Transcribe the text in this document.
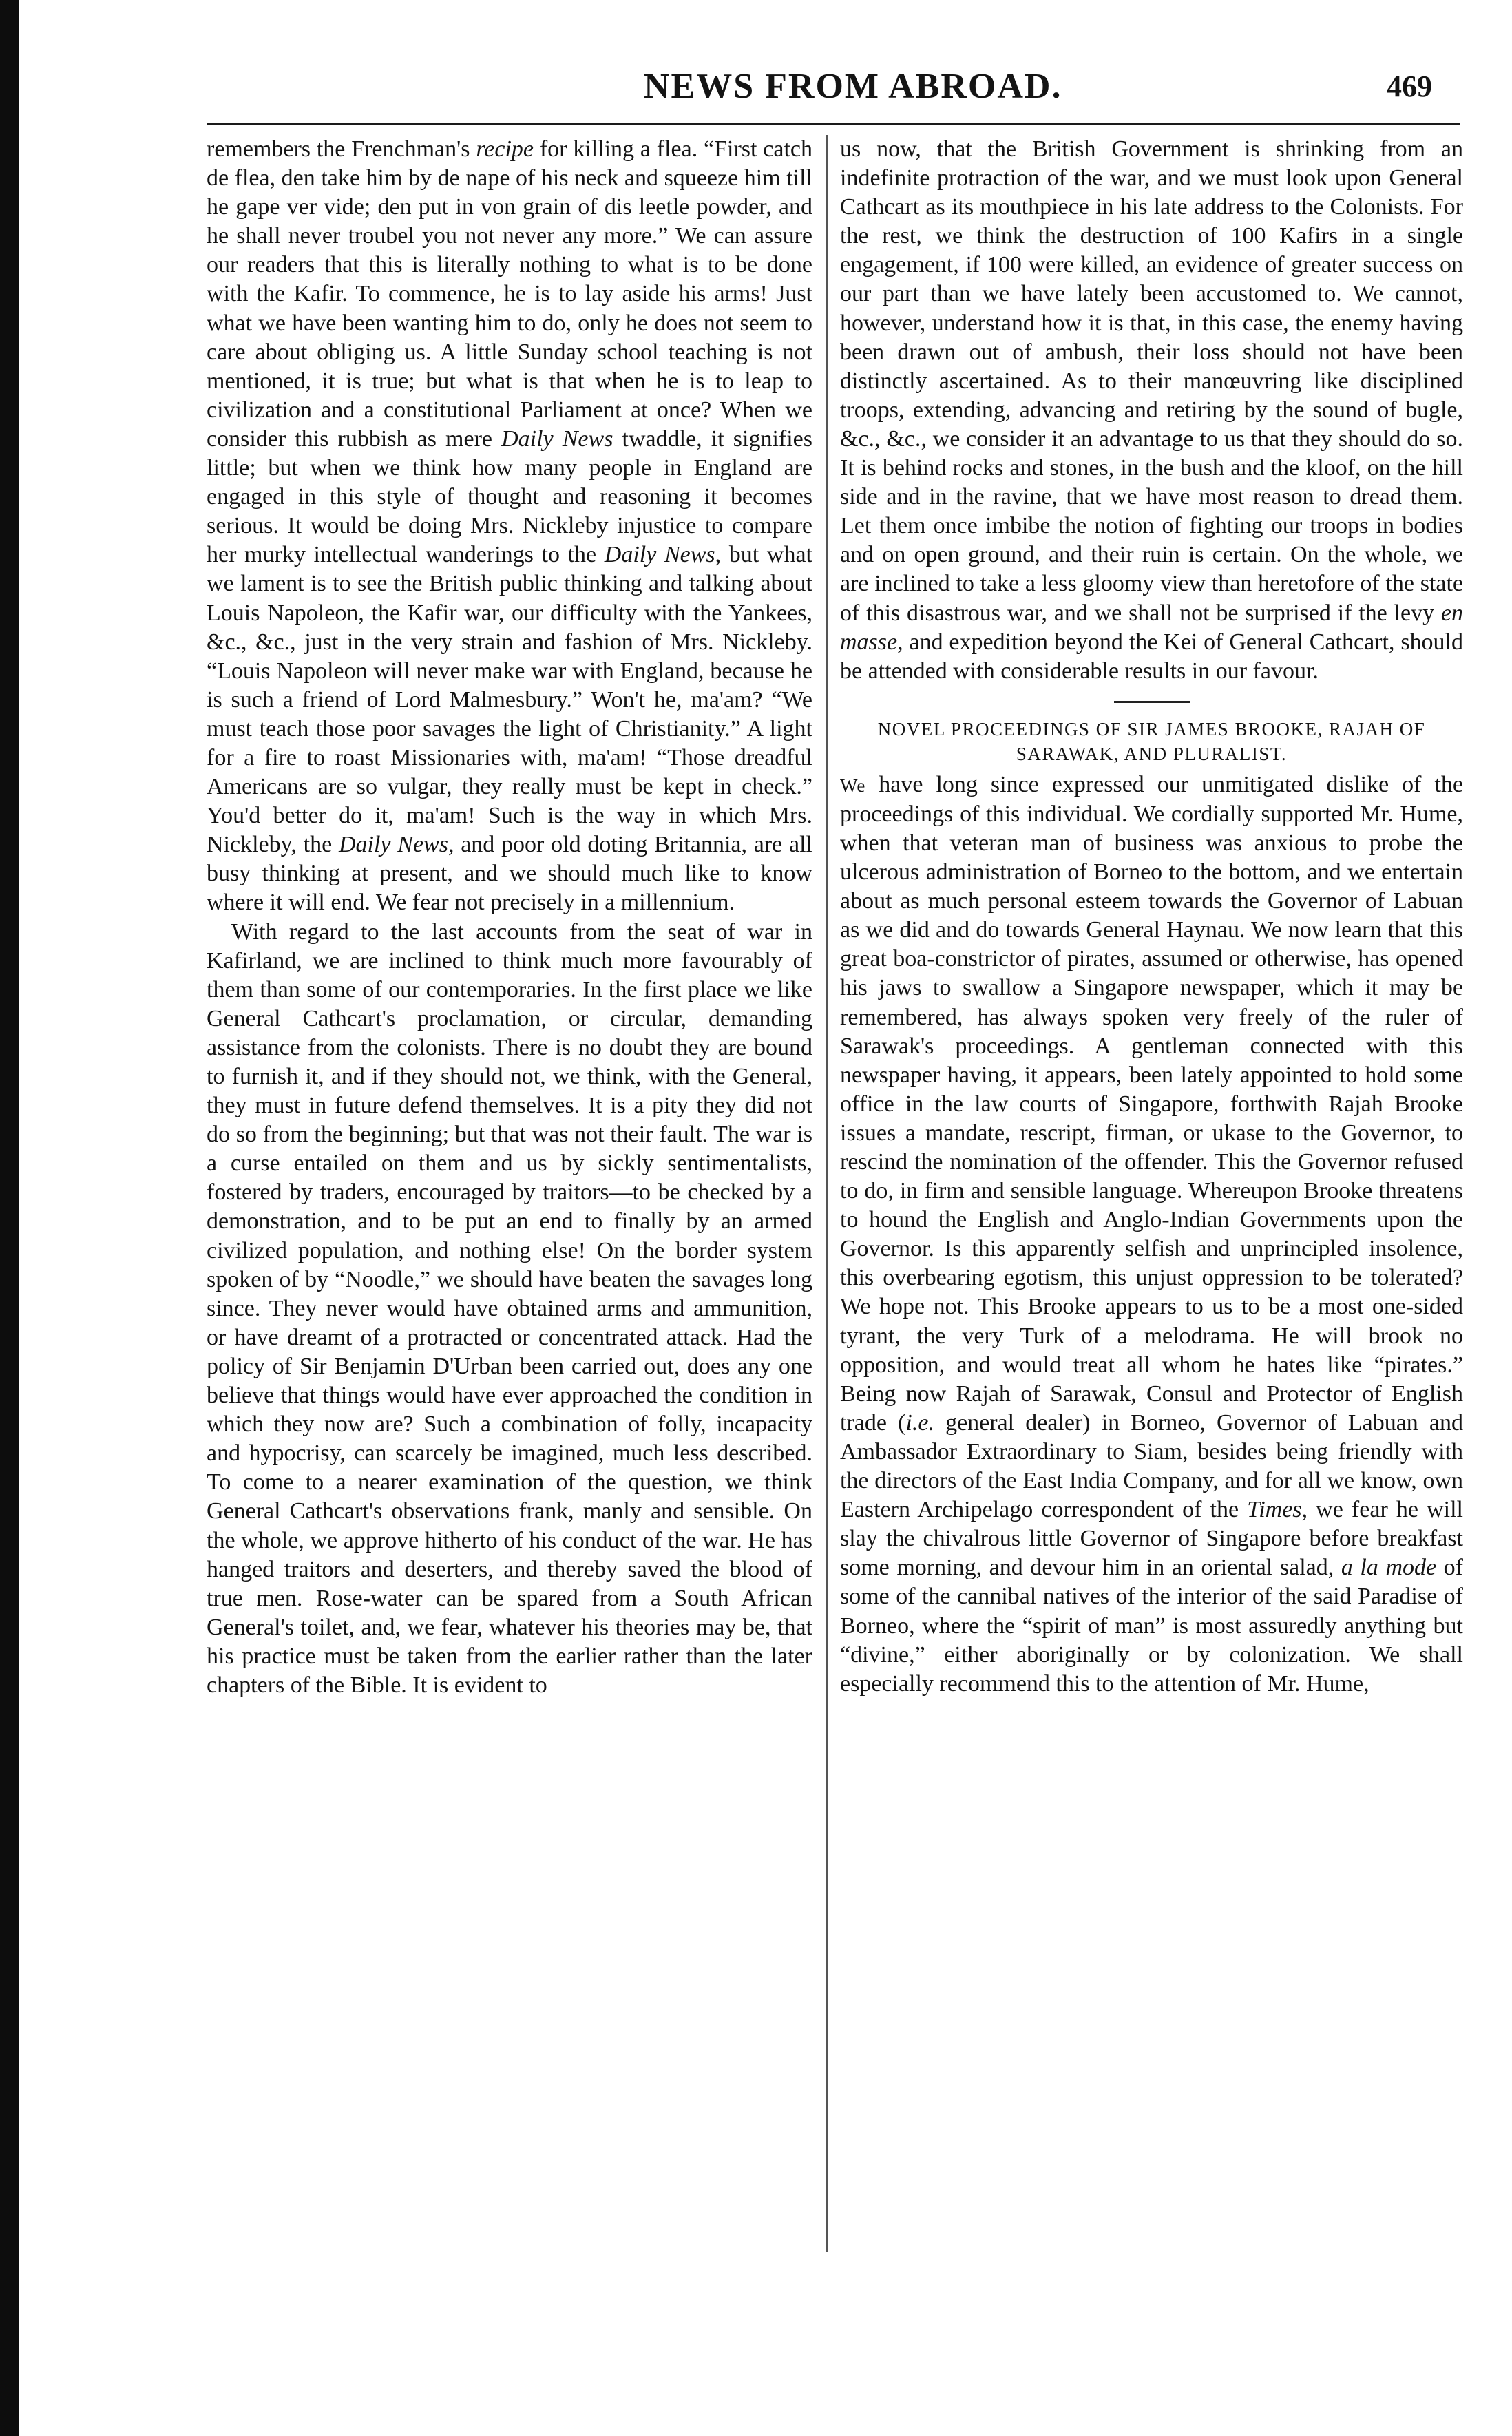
NEWS FROM ABROAD.	469

remembers the Frenchman's recipe for killing a flea. “First catch de flea, den take him by de nape of his neck and squeeze him till he gape ver vide; den put in von grain of dis leetle powder, and he shall never troubel you not never any more.” We can assure our readers that this is literally nothing to what is to be done with the Kafir. To commence, he is to lay aside his arms! Just what we have been wanting him to do, only he does not seem to care about obliging us. A little Sunday school teaching is not mentioned, it is true; but what is that when he is to leap to civilization and a constitutional Parliament at once? When we consider this rubbish as mere Daily News twaddle, it signifies little; but when we think how many people in England are engaged in this style of thought and reasoning it becomes serious. It would be doing Mrs. Nickleby injustice to compare her murky intellectual wanderings to the Daily News, but what we lament is to see the British public thinking and talking about Louis Napoleon, the Kafir war, our difficulty with the Yankees, &c., &c., just in the very strain and fashion of Mrs. Nickleby. “Louis Napoleon will never make war with England, because he is such a friend of Lord Malmesbury.” Won't he, ma'am? “We must teach those poor savages the light of Christianity.” A light for a fire to roast Missionaries with, ma'am! “Those dreadful Americans are so vulgar, they really must be kept in check.” You'd better do it, ma'am! Such is the way in which Mrs. Nickleby, the Daily News, and poor old doting Britannia, are all busy thinking at present, and we should much like to know where it will end. We fear not precisely in a millennium.

With regard to the last accounts from the seat of war in Kafirland, we are inclined to think much more favourably of them than some of our contemporaries. In the first place we like General Cathcart's proclamation, or circular, demanding assistance from the colonists. There is no doubt they are bound to furnish it, and if they should not, we think, with the General, they must in future defend themselves. It is a pity they did not do so from the beginning; but that was not their fault. The war is a curse entailed on them and us by sickly sentimentalists, fostered by traders, encouraged by traitors—to be checked by a demonstration, and to be put an end to finally by an armed civilized population, and nothing else! On the border system spoken of by “Noodle,” we should have beaten the savages long since. They never would have obtained arms and ammunition, or have dreamt of a protracted or concentrated attack. Had the policy of Sir Benjamin D'Urban been carried out, does any one believe that things would have ever approached the condition in which they now are? Such a combination of folly, incapacity and hypocrisy, can scarcely be imagined, much less described. To come to a nearer examination of the question, we think General Cathcart's observations frank, manly and sensible. On the whole, we approve hitherto of his conduct of the war. He has hanged traitors and deserters, and thereby saved the blood of true men. Rose-water can be spared from a South African General's toilet, and, we fear, whatever his theories may be, that his practice must be taken from the earlier rather than the later chapters of the Bible. It is evident to

us now, that the British Government is shrinking from an indefinite protraction of the war, and we must look upon General Cathcart as its mouthpiece in his late address to the Colonists. For the rest, we think the destruction of 100 Kafirs in a single engagement, if 100 were killed, an evidence of greater success on our part than we have lately been accustomed to. We cannot, however, understand how it is that, in this case, the enemy having been drawn out of ambush, their loss should not have been distinctly ascertained. As to their manœuvring like disciplined troops, extending, advancing and retiring by the sound of bugle, &c., &c., we consider it an advantage to us that they should do so. It is behind rocks and stones, in the bush and the kloof, on the hill side and in the ravine, that we have most reason to dread them. Let them once imbibe the notion of fighting our troops in bodies and on open ground, and their ruin is certain. On the whole, we are inclined to take a less gloomy view than heretofore of the state of this disastrous war, and we shall not be surprised if the levy en masse, and expedition beyond the Kei of General Cathcart, should be attended with considerable results in our favour.

NOVEL PROCEEDINGS OF SIR JAMES BROOKE, RAJAH OF SARAWAK, AND PLURALIST.

We have long since expressed our unmitigated dislike of the proceedings of this individual. We cordially supported Mr. Hume, when that veteran man of business was anxious to probe the ulcerous administration of Borneo to the bottom, and we entertain about as much personal esteem towards the Governor of Labuan as we did and do towards General Haynau. We now learn that this great boa-constrictor of pirates, assumed or otherwise, has opened his jaws to swallow a Singapore newspaper, which it may be remembered, has always spoken very freely of the ruler of Sarawak's proceedings. A gentleman connected with this newspaper having, it appears, been lately appointed to hold some office in the law courts of Singapore, forthwith Rajah Brooke issues a mandate, rescript, firman, or ukase to the Governor, to rescind the nomination of the offender. This the Governor refused to do, in firm and sensible language. Whereupon Brooke threatens to hound the English and Anglo-Indian Governments upon the Governor. Is this apparently selfish and unprincipled insolence, this overbearing egotism, this unjust oppression to be tolerated? We hope not. This Brooke appears to us to be a most one-sided tyrant, the very Turk of a melodrama. He will brook no opposition, and would treat all whom he hates like “pirates.” Being now Rajah of Sarawak, Consul and Protector of English trade (i.e. general dealer) in Borneo, Governor of Labuan and Ambassador Extraordinary to Siam, besides being friendly with the directors of the East India Company, and for all we know, own Eastern Archipelago correspondent of the Times, we fear he will slay the chivalrous little Governor of Singapore before breakfast some morning, and devour him in an oriental salad, a la mode of some of the cannibal natives of the interior of the said Paradise of Borneo, where the “spirit of man” is most assuredly anything but “divine,” either aboriginally or by colonization. We shall especially recommend this to the attention of Mr. Hume,
